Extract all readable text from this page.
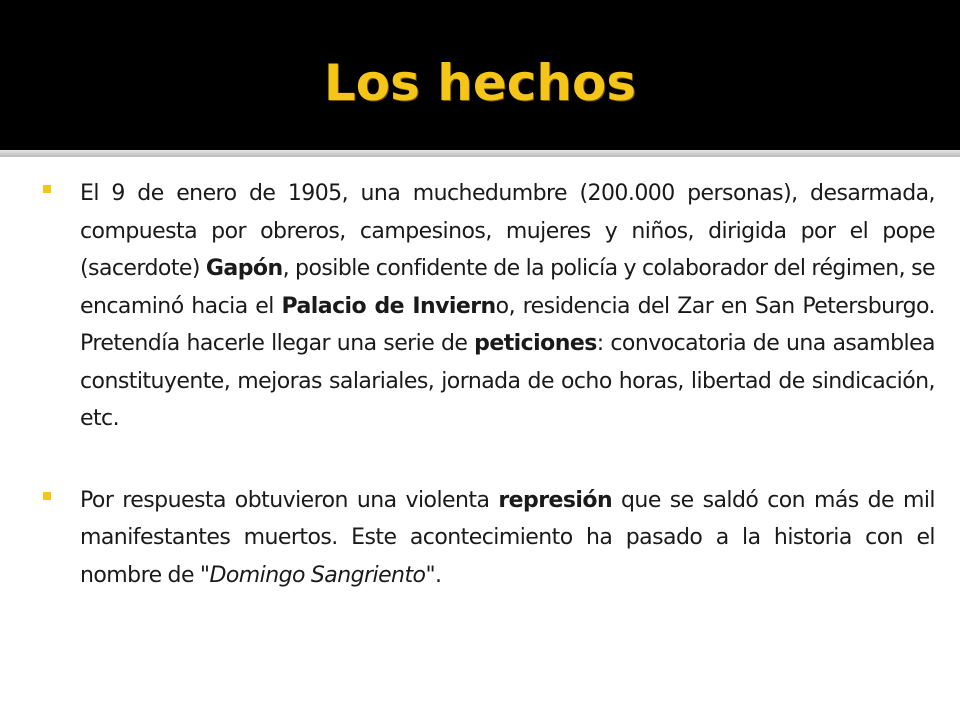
Los hechos

El 9 de enero de 1905, una muchedumbre (200.000 personas), desarmada, compuesta por obreros, campesinos, mujeres y niños, dirigida por el pope (sacerdote) Gapón, posible confidente de la policía y colaborador del régimen, se encaminó hacia el Palacio de Invierno, residencia del Zar en San Petersburgo. Pretendía hacerle llegar una serie de peticiones: convocatoria de una asamblea constituyente, mejoras salariales, jornada de ocho horas, libertad de sindicación, etc.

Por respuesta obtuvieron una violenta represión que se saldó con más de mil manifestantes muertos. Este acontecimiento ha pasado a la historia con el nombre de "Domingo Sangriento".
